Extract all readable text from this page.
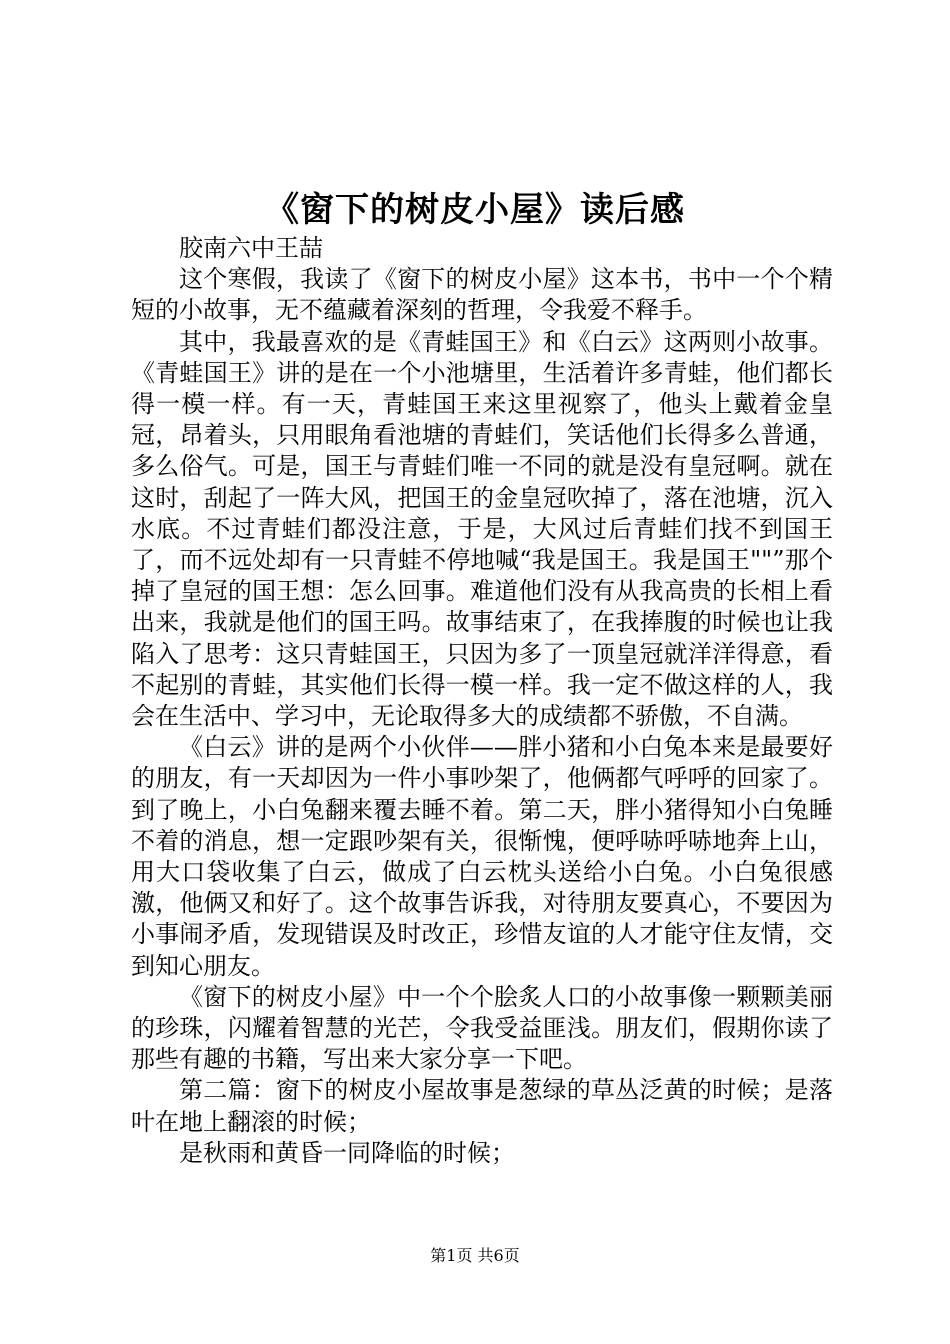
《窗下的树皮小屋》读后感

胶南六中王喆

这个寒假，我读了《窗下的树皮小屋》这本书，书中一个个精短的小故事，无不蕴藏着深刻的哲理，令我爱不释手。

其中，我最喜欢的是《青蛙国王》和《白云》这两则小故事。《青蛙国王》讲的是在一个小池塘里，生活着许多青蛙，他们都长得一模一样。有一天，青蛙国王来这里视察了，他头上戴着金皇冠，昂着头，只用眼角看池塘的青蛙们，笑话他们长得多么普通，多么俗气。可是，国王与青蛙们唯一不同的就是没有皇冠啊。就在这时，刮起了一阵大风，把国王的金皇冠吹掉了，落在池塘，沉入水底。不过青蛙们都没注意，于是，大风过后青蛙们找不到国王了，而不远处却有一只青蛙不停地喊“我是国王。我是国王""”那个掉了皇冠的国王想：怎么回事。难道他们没有从我高贵的长相上看出来，我就是他们的国王吗。故事结束了，在我捧腹的时候也让我陷入了思考：这只青蛙国王，只因为多了一顶皇冠就洋洋得意，看不起别的青蛙，其实他们长得一模一样。我一定不做这样的人，我会在生活中、学习中，无论取得多大的成绩都不骄傲，不自满。

《白云》讲的是两个小伙伴——胖小猪和小白兔本来是最要好的朋友，有一天却因为一件小事吵架了，他俩都气呼呼的回家了。到了晚上，小白兔翻来覆去睡不着。第二天，胖小猪得知小白兔睡不着的消息，想一定跟吵架有关，很惭愧，便呼哧呼哧地奔上山，用大口袋收集了白云，做成了白云枕头送给小白兔。小白兔很感激，他俩又和好了。这个故事告诉我，对待朋友要真心，不要因为小事闹矛盾，发现错误及时改正，珍惜友谊的人才能守住友情，交到知心朋友。

《窗下的树皮小屋》中一个个脍炙人口的小故事像一颗颗美丽的珍珠，闪耀着智慧的光芒，令我受益匪浅。朋友们，假期你读了那些有趣的书籍，写出来大家分享一下吧。

第二篇：窗下的树皮小屋故事是葱绿的草丛泛黄的时候；是落叶在地上翻滚的时候；

是秋雨和黄昏一同降临的时候；

第1页 共6页
